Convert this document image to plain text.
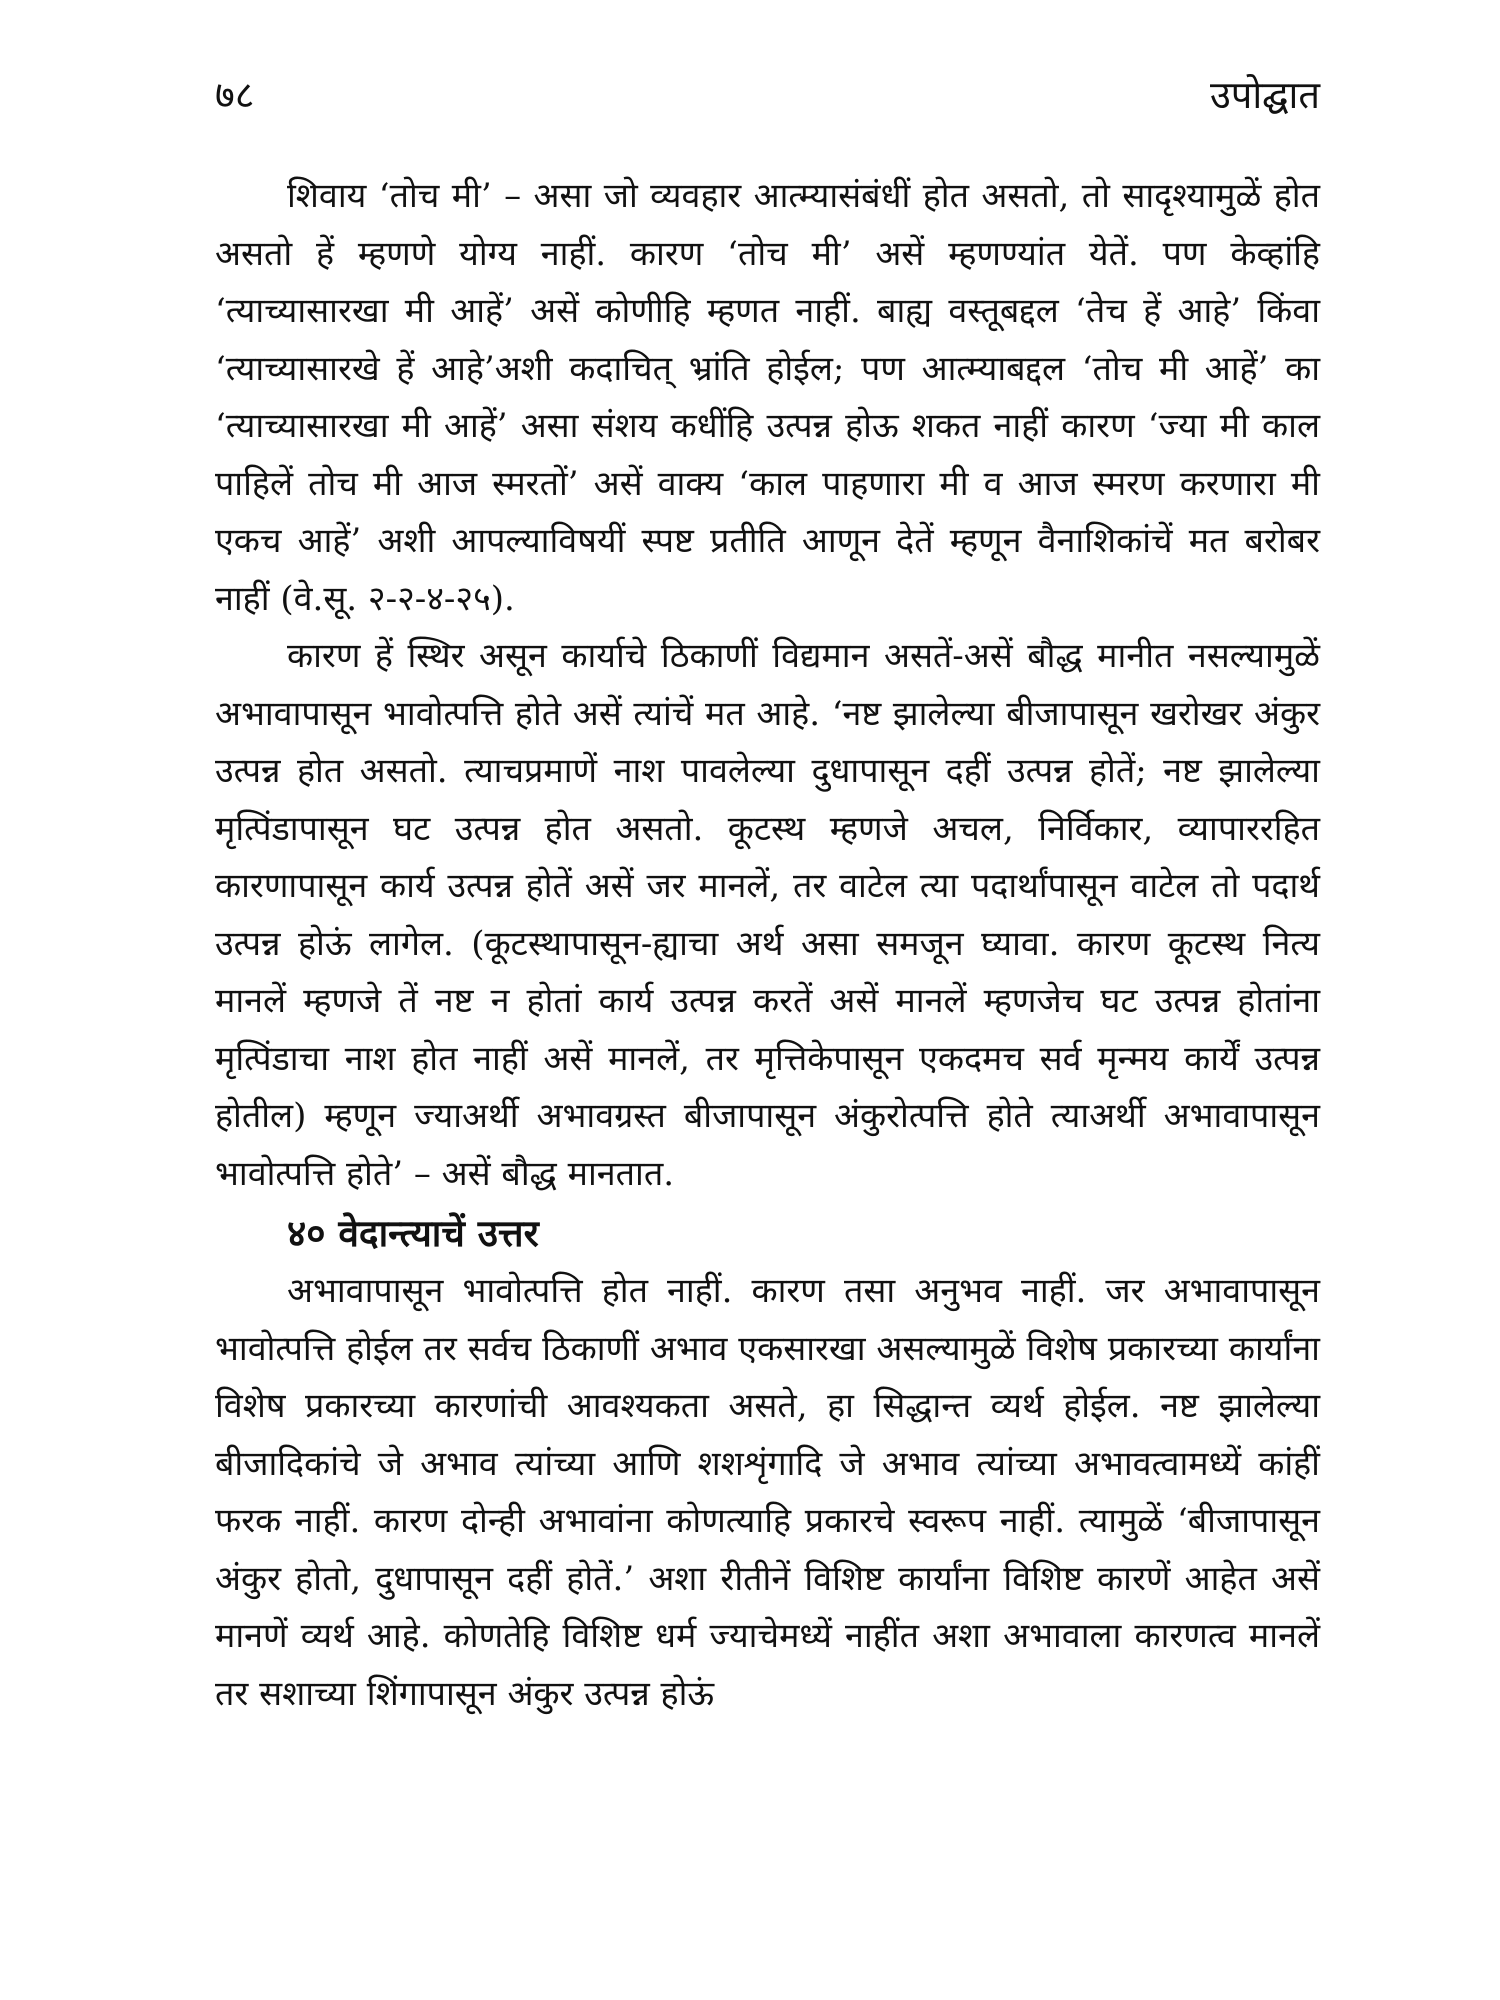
७८	उपोद्घात

शिवाय ‘तोच मी’ – असा जो व्यवहार आत्म्यासंबंधीं होत असतो, तो सादृश्यामुळें होत असतो हें म्हणणे योग्य नाहीं. कारण ‘तोच मी’ असें म्हणण्यांत येतें. पण केव्हांहि ‘त्याच्यासारखा मी आहें’ असें कोणीहि म्हणत नाहीं. बाह्य वस्तूबद्दल ‘तेच हें आहे’ किंवा ‘त्याच्यासारखे हें आहे’अशी कदाचित् भ्रांति होईल; पण आत्म्याबद्दल ‘तोच मी आहें’ का ‘त्याच्यासारखा मी आहें’ असा संशय कधींहि उत्पन्न होऊ शकत नाहीं कारण ‘ज्या मी काल पाहिलें तोच मी आज स्मरतों’ असें वाक्य ‘काल पाहणारा मी व आज स्मरण करणारा मी एकच आहें’ अशी आपल्याविषयीं स्पष्ट प्रतीति आणून देतें म्हणून वैनाशिकांचें मत बरोबर नाहीं (वे.सू. २-२-४-२५).

कारण हें स्थिर असून कार्याचे ठिकाणीं विद्यमान असतें-असें बौद्ध मानीत नसल्यामुळें अभावापासून भावोत्पत्ति होते असें त्यांचें मत आहे. ‘नष्ट झालेल्या बीजापासून खरोखर अंकुर उत्पन्न होत असतो. त्याचप्रमाणें नाश पावलेल्या दुधापासून दहीं उत्पन्न होतें; नष्ट झालेल्या मृत्पिंडापासून घट उत्पन्न होत असतो. कूटस्थ म्हणजे अचल, निर्विकार, व्यापाररहित कारणापासून कार्य उत्पन्न होतें असें जर मानलें, तर वाटेल त्या पदार्थांपासून वाटेल तो पदार्थ उत्पन्न होऊं लागेल. (कूटस्थापासून-ह्याचा अर्थ असा समजून घ्यावा. कारण कूटस्थ नित्य मानलें म्हणजे तें नष्ट न होतां कार्य उत्पन्न करतें असें मानलें म्हणजेच घट उत्पन्न होतांना मृत्पिंडाचा नाश होत नाहीं असें मानलें, तर मृत्तिकेपासून एकदमच सर्व मृन्मय कार्यें उत्पन्न होतील) म्हणून ज्याअर्थी अभावग्रस्त बीजापासून अंकुरोत्पत्ति होते त्याअर्थी अभावापासून भावोत्पत्ति होते’ – असें बौद्ध मानतात.

४० वेदान्त्याचें उत्तर

अभावापासून भावोत्पत्ति होत नाहीं. कारण तसा अनुभव नाहीं. जर अभावापासून भावोत्पत्ति होईल तर सर्वच ठिकाणीं अभाव एकसारखा असल्यामुळें विशेष प्रकारच्या कार्यांना विशेष प्रकारच्या कारणांची आवश्यकता असते, हा सिद्धान्त व्यर्थ होईल. नष्ट झालेल्या बीजादिकांचे जे अभाव त्यांच्या आणि शशशृंगादि जे अभाव त्यांच्या अभावत्वामध्यें कांहीं फरक नाहीं. कारण दोन्ही अभावांना कोणत्याहि प्रकारचे स्वरूप नाहीं. त्यामुळें ‘बीजापासून अंकुर होतो, दुधापासून दहीं होतें.’ अशा रीतीनें विशिष्ट कार्यांना विशिष्ट कारणें आहेत असें मानणें व्यर्थ आहे. कोणतेहि विशिष्ट धर्म ज्याचेमध्यें नाहींत अशा अभावाला कारणत्व मानलें तर सशाच्या शिंगापासून अंकुर उत्पन्न होऊं
